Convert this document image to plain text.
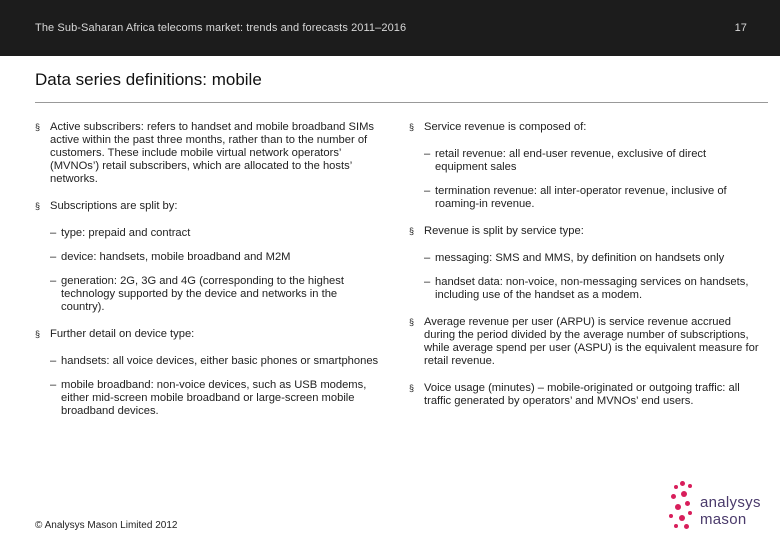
The Sub-Saharan Africa telecoms market: trends and forecasts 2011–2016	17
Data series definitions: mobile
§ Active subscribers: refers to handset and mobile broadband SIMs active within the past three months, rather than to the number of customers. These include mobile virtual network operators’ (MVNOs’) retail subscribers, which are allocated to the hosts’ networks.
§ Subscriptions are split by:
– type: prepaid and contract
– device: handsets, mobile broadband and M2M
– generation: 2G, 3G and 4G (corresponding to the highest technology supported by the device and networks in the country).
§ Further detail on device type:
– handsets: all voice devices, either basic phones or smartphones
– mobile broadband: non-voice devices, such as USB modems, either mid-screen mobile broadband or large-screen mobile broadband devices.
§ Service revenue is composed of:
– retail revenue: all end-user revenue, exclusive of direct equipment sales
– termination revenue: all inter-operator revenue, inclusive of roaming-in revenue.
§ Revenue is split by service type:
– messaging: SMS and MMS, by definition on handsets only
– handset data: non-voice, non-messaging services on handsets, including use of the handset as a modem.
§ Average revenue per user (ARPU) is service revenue accrued during the period divided by the average number of subscriptions, while average spend per user (ASPU) is the equivalent measure for retail revenue.
§ Voice usage (minutes) – mobile-originated or outgoing traffic: all traffic generated by operators’ and MVNOs’ end users.
© Analysys Mason Limited 2012
analysys
mason
